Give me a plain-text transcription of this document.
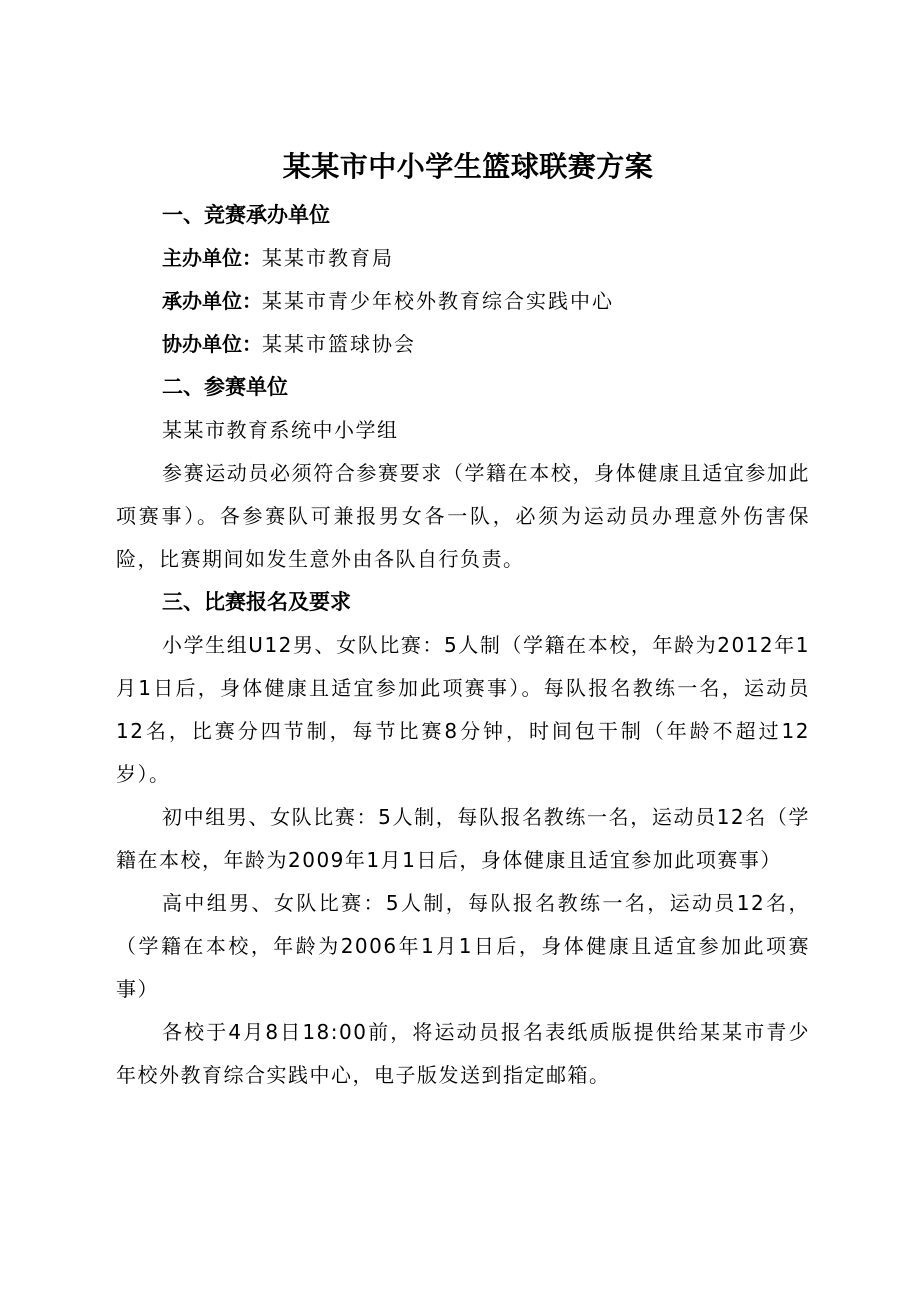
某某市中小学生篮球联赛方案
一、竞赛承办单位
主办单位：某某市教育局
承办单位：某某市青少年校外教育综合实践中心
协办单位：某某市篮球协会
二、参赛单位

某某市教育系统中小学组

参赛运动员必须符合参赛要求（学籍在本校，身体健康且适宜参加此项赛事）。各参赛队可兼报男女各一队，必须为运动员办理意外伤害保险，比赛期间如发生意外由各队自行负责。

三、比赛报名及要求

小学生组U12男、女队比赛：5人制（学籍在本校，年龄为2012年1月1日后，身体健康且适宜参加此项赛事）。每队报名教练一名，运动员12名，比赛分四节制，每节比赛8分钟，时间包干制（年龄不超过12岁）。

初中组男、女队比赛：5人制，每队报名教练一名，运动员12名（学籍在本校，年龄为2009年1月1日后，身体健康且适宜参加此项赛事）

高中组男、女队比赛：5人制，每队报名教练一名，运动员12名，（学籍在本校，年龄为2006年1月1日后，身体健康且适宜参加此项赛事）

各校于4月8日18:00前，将运动员报名表纸质版提供给某某市青少年校外教育综合实践中心，电子版发送到指定邮箱。
